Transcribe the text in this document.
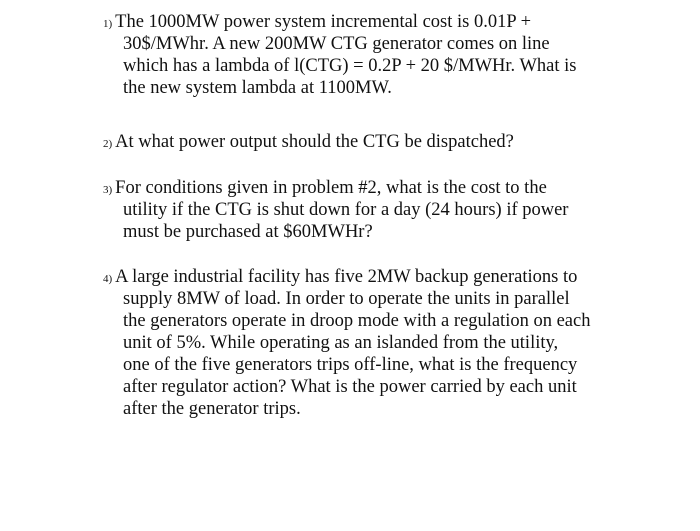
1) The 1000MW power system incremental cost is 0.01P +
30$/MWhr. A new 200MW CTG generator comes on line
which has a lambda of l(CTG) = 0.2P + 20 $/MWHr. What is
the new system lambda at 1100MW.
2) At what power output should the CTG be dispatched?
3) For conditions given in problem #2, what is the cost to the
utility if the CTG is shut down for a day (24 hours) if power
must be purchased at $60MWHr?
4) A large industrial facility has five 2MW backup generations to
supply 8MW of load. In order to operate the units in parallel
the generators operate in droop mode with a regulation on each
unit of 5%. While operating as an islanded from the utility,
one of the five generators trips off-line, what is the frequency
after regulator action? What is the power carried by each unit
after the generator trips.
